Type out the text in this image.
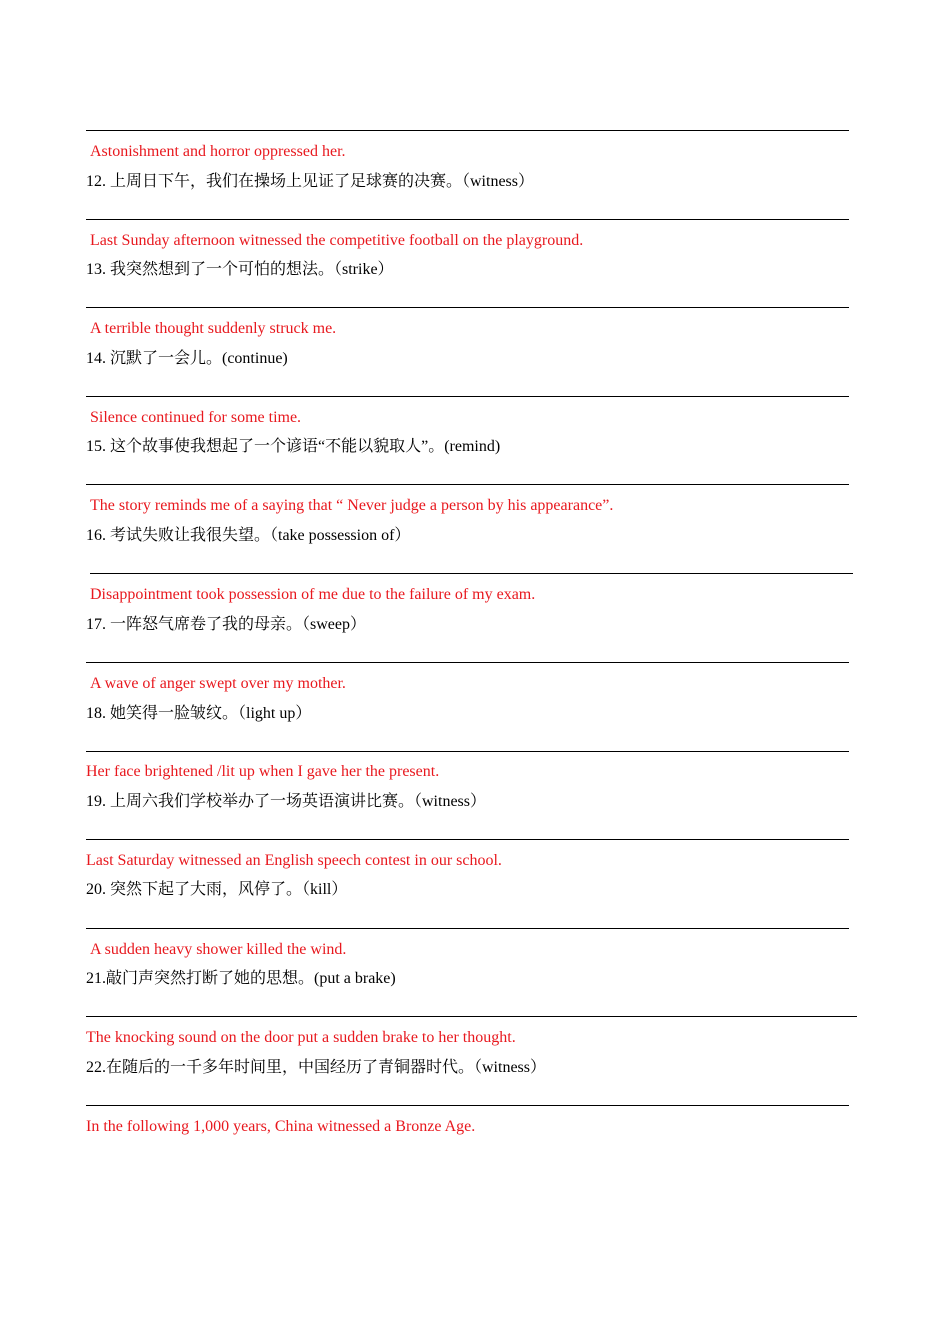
Astonishment and horror oppressed her.
12. 上周日下午，我们在操场上见证了足球赛的决赛。（witness）
Last Sunday afternoon witnessed the competitive football on the playground.
13. 我突然想到了一个可怕的想法。（strike）
A terrible thought suddenly struck me.
14. 沉默了一会儿。(continue)
Silence continued for some time.
15. 这个故事使我想起了一个谚语“不能以貌取人”。(remind)
The story reminds me of a saying that “ Never judge a person by his appearance”.
16. 考试失败让我很失望。（take possession of）
Disappointment took possession of me due to the failure of my exam.
17. 一阵怒气席卷了我的母亲。（sweep）
A wave of anger swept over my mother.
18. 她笑得一脸皱纹。（light up）
Her face brightened /lit up when I gave her the present.
19. 上周六我们学校举办了一场英语演讲比赛。（witness）
Last Saturday witnessed an English speech contest in our school.
20. 突然下起了大雨，风停了。（kill）
A sudden heavy shower killed the wind.
21.敲门声突然打断了她的思想。(put a brake)
The knocking sound on the door put a sudden brake to her thought.
22.在随后的一千多年时间里，中国经历了青铜器时代。（witness）
In the following 1,000 years, China witnessed a Bronze Age.
